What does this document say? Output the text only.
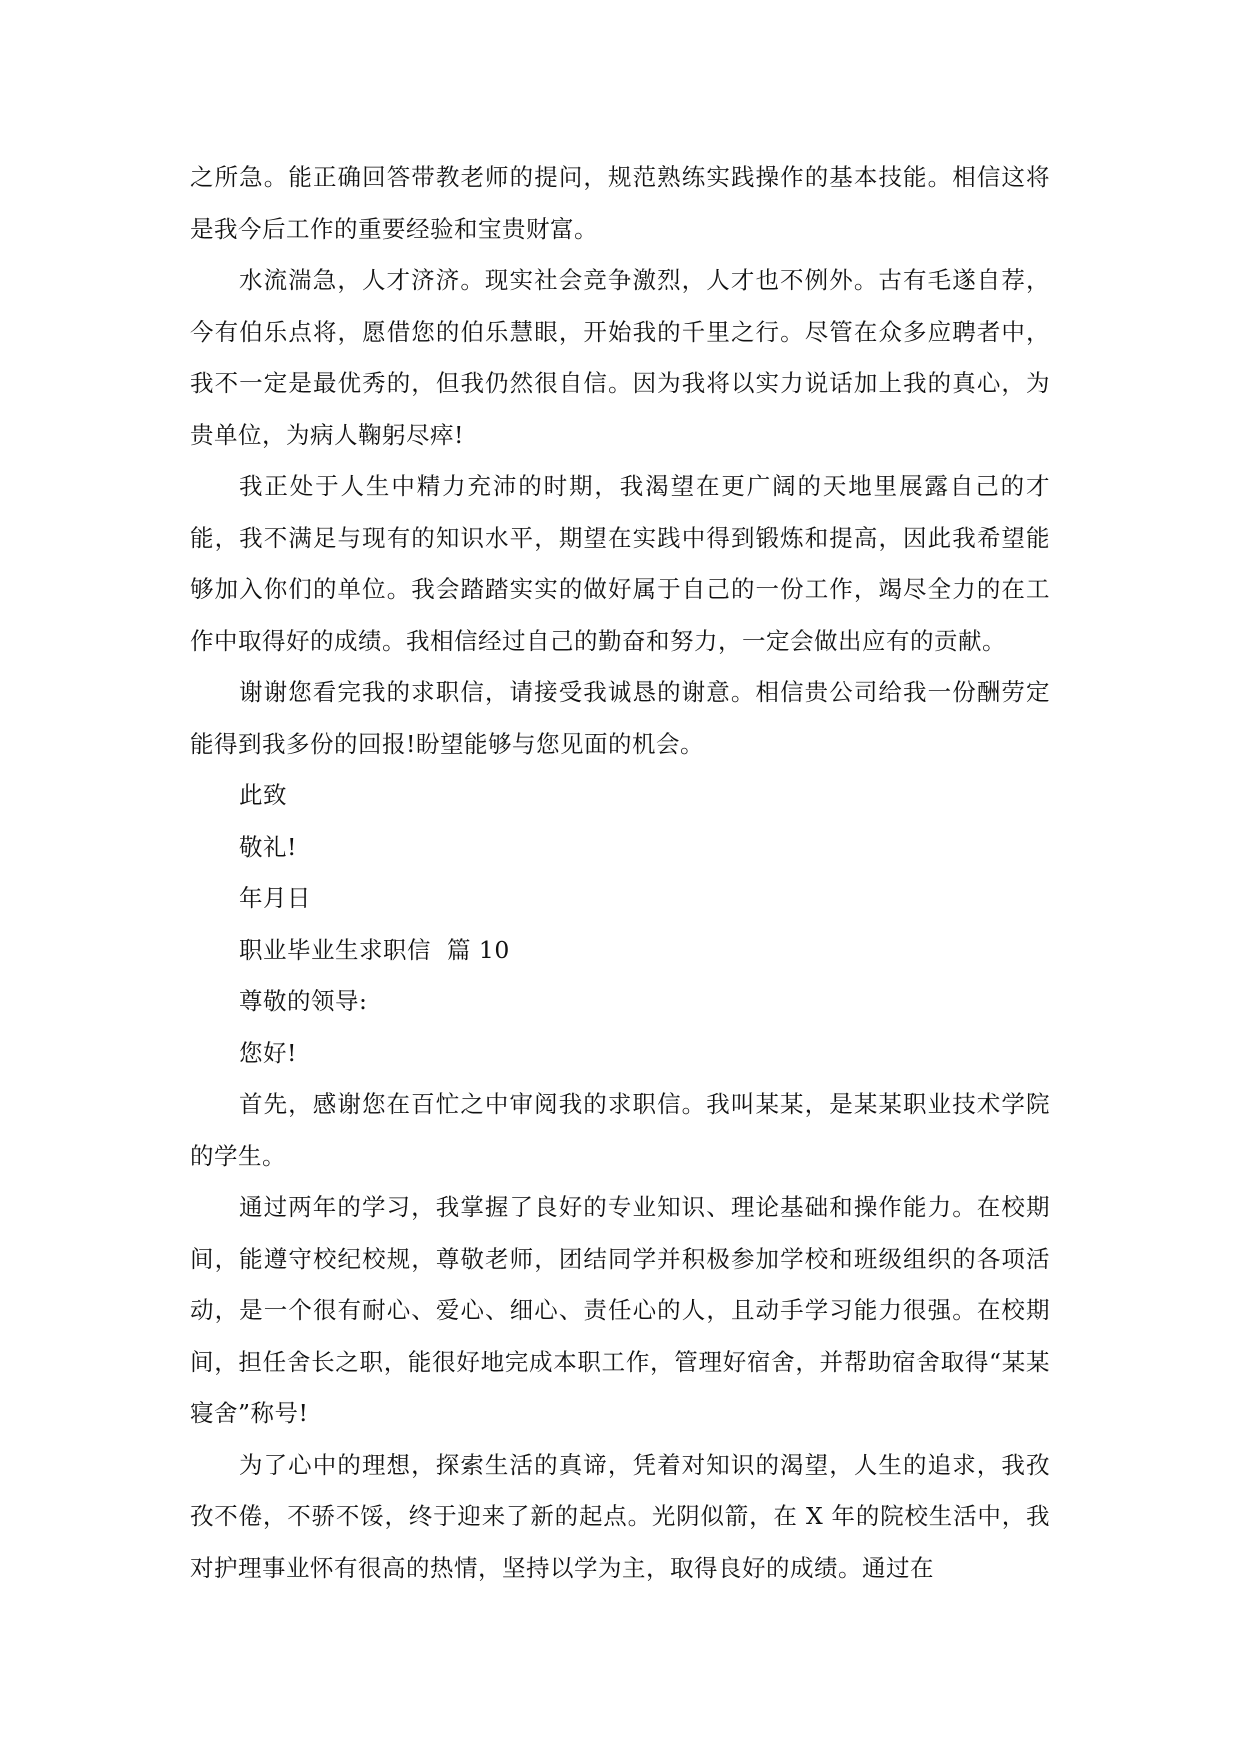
之所急。能正确回答带教老师的提问，规范熟练实践操作的基本技能。相信这将是我今后工作的重要经验和宝贵财富。

水流湍急，人才济济。现实社会竞争激烈，人才也不例外。古有毛遂自荐，今有伯乐点将，愿借您的伯乐慧眼，开始我的千里之行。尽管在众多应聘者中，我不一定是最优秀的，但我仍然很自信。因为我将以实力说话加上我的真心，为贵单位，为病人鞠躬尽瘁!

我正处于人生中精力充沛的时期，我渴望在更广阔的天地里展露自己的才能，我不满足与现有的知识水平，期望在实践中得到锻炼和提高，因此我希望能够加入你们的单位。我会踏踏实实的做好属于自己的一份工作，竭尽全力的在工作中取得好的成绩。我相信经过自己的勤奋和努力，一定会做出应有的贡献。

谢谢您看完我的求职信，请接受我诚恳的谢意。相信贵公司给我一份酬劳定能得到我多份的回报!盼望能够与您见面的机会。

此致

敬礼!

年月日

职业毕业生求职信  篇 10

尊敬的领导:

您好!

首先，感谢您在百忙之中审阅我的求职信。我叫某某，是某某职业技术学院的学生。

通过两年的学习，我掌握了良好的专业知识、理论基础和操作能力。在校期间，能遵守校纪校规，尊敬老师，团结同学并积极参加学校和班级组织的各项活动，是一个很有耐心、爱心、细心、责任心的人，且动手学习能力很强。在校期间，担任舍长之职，能很好地完成本职工作，管理好宿舍，并帮助宿舍取得“某某寝舍”称号!

为了心中的理想，探索生活的真谛，凭着对知识的渴望，人生的追求，我孜孜不倦，不骄不馁，终于迎来了新的起点。光阴似箭，在 X 年的院校生活中，我对护理事业怀有很高的热情，坚持以学为主，取得良好的成绩。通过在
